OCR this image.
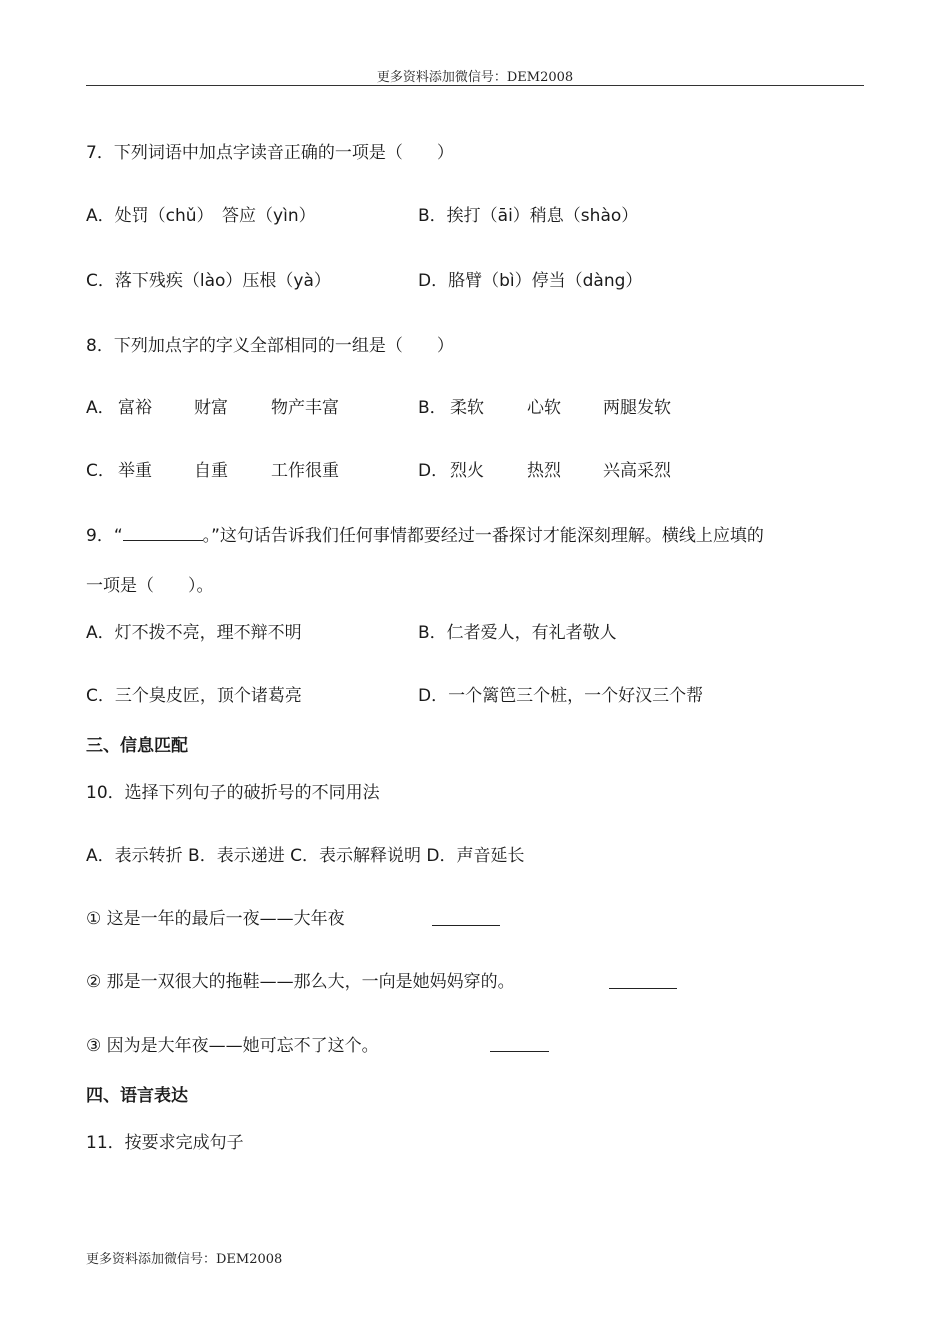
更多资料添加微信号：DEM2008
7．下列词语中加点字读音正确的一项是（　　）
A．处罚（chǔ）　答应（yìn）	B．挨打（āi）稍息（shào）
C．落下残疾（lào）压根（yà）	D．胳臂（bì）停当（dàng）
8．下列加点字的字义全部相同的一组是（　　）
A． 富裕 财富	物产丰富	B． 柔软	心软 两腿发软
C． 举重 自重	工作很重	D． 烈火	热烈 兴高采烈
9．“	。”这句话告诉我们任何事情都要经过一番探讨才能深刻理解。横线上应填的
一项是（　　）。
A．灯不拨不亮，理不辩不明	B．仁者爱人，有礼者敬人
C．三个臭皮匠，顶个诸葛亮	D．一个篱笆三个桩，一个好汉三个帮
三、信息匹配
10．选择下列句子的破折号的不同用法
A．表示转折 B．表示递进 C．表示解释说明 D．声音延长
① 这是一年的最后一夜——大年夜
② 那是一双很大的拖鞋——那么大，一向是她妈妈穿的。
③ 因为是大年夜——她可忘不了这个。
四、语言表达
11．按要求完成句子
更多资料添加微信号：DEM2008
